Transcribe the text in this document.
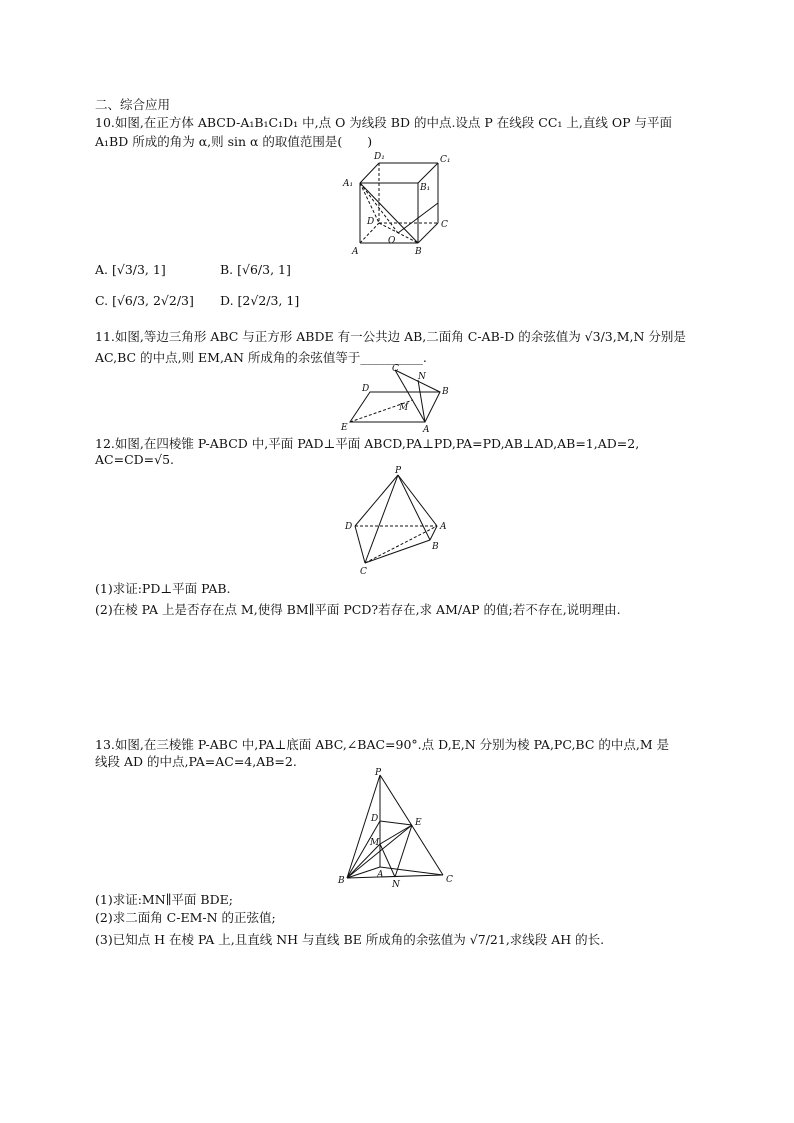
二、综合应用
10.如图,在正方体 ABCD-A₁B₁C₁D₁ 中,点 O 为线段 BD 的中点.设点 P 在线段 CC₁ 上,直线 OP 与平面
A₁BD 所成的角为 α,则 sin α 的取值范围是(　　)
D₁	C₁
A₁	B₁
D	C
A
O
B
A. [√3/3, 1]	B. [√6/3, 1]
C. [√6/3, 2√2/3] D. [2√2/3, 1]
11.如图,等边三角形 ABC 与正方形 ABDE 有一公共边 AB,二面角 C-AB-D 的余弦值为 √3/3,M,N 分别是
AC,BC 的中点,则 EM,AN 所成角的余弦值等于__________.
D
C
N
B
M
E	A
12.如图,在四棱锥 P-ABCD 中,平面 PAD⊥平面 ABCD,PA⊥PD,PA=PD,AB⊥AD,AB=1,AD=2,
AC=CD=√5.
P
D	A
B
C
(1)求证:PD⊥平面 PAB.
(2)在棱 PA 上是否存在点 M,使得 BM∥平面 PCD?若存在,求 AM/AP 的值;若不存在,说明理由.
13.如图,在三棱锥 P-ABC 中,PA⊥底面 ABC,∠BAC=90°.点 D,E,N 分别为棱 PA,PC,BC 的中点,M 是
线段 AD 的中点,PA=AC=4,AB=2.
P
D	E
M
A
B	N	C
(1)求证:MN∥平面 BDE;
(2)求二面角 C-EM-N 的正弦值;
(3)已知点 H 在棱 PA 上,且直线 NH 与直线 BE 所成角的余弦值为 √7/21,求线段 AH 的长.
